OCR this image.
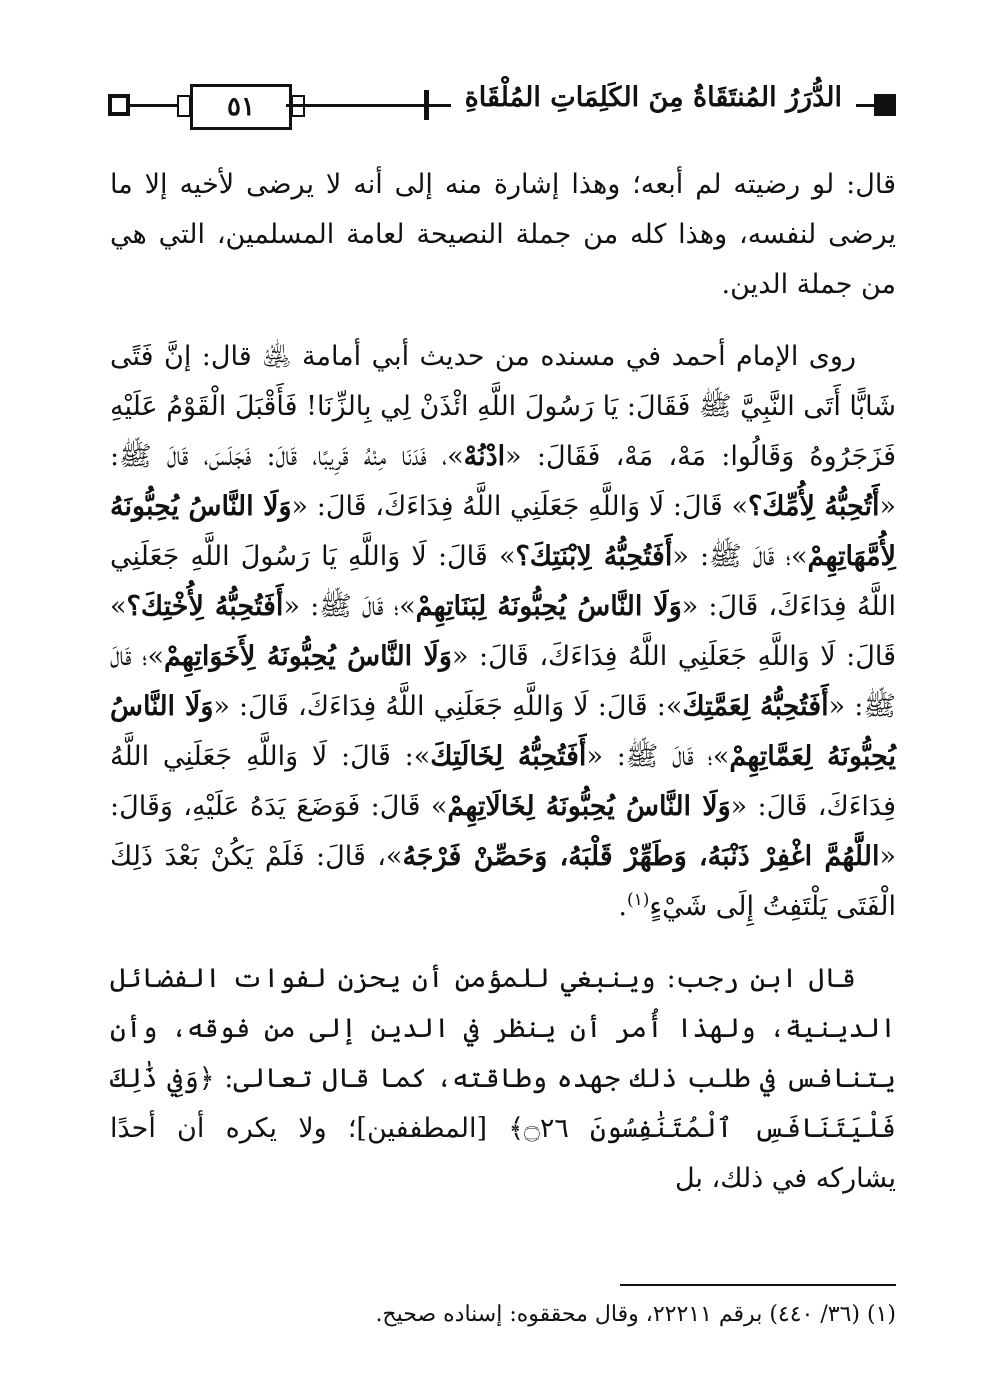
٥١	الدُّرَرُ المُنتَقَاةُ مِنَ الكَلِمَاتِ المُلْقَاةِ

قال: لو رضيته لم أبعه؛ وهذا إشارة منه إلى أنه لا يرضى لأخيه إلا ما يرضى لنفسه، وهذا كله من جملة النصيحة لعامة المسلمين، التي هي من جملة الدين.

روى الإمام أحمد في مسنده من حديث أبي أمامة ﵁ قال: إنَّ فَتًى شَابًّا أَتَى النَّبِيَّ ﷺ فَقَالَ: يَا رَسُولَ اللَّهِ ائْذَنْ لِي بِالزِّنَا! فَأَقْبَلَ الْقَوْمُ عَلَيْهِ فَزَجَرُوهُ وَقَالُوا: مَهْ، مَهْ، فَقَالَ: «ادْنُهْ»، فَدَنَا مِنْهُ قَرِيبًا، قَالَ: فَجَلَسَ، قَالَ ﷺ: «أَتُحِبُّهُ لِأُمِّكَ؟» قَالَ: لَا وَاللَّهِ جَعَلَنِي اللَّهُ فِدَاءَكَ، قَالَ: «وَلَا النَّاسُ يُحِبُّونَهُ لِأُمَّهَاتِهِمْ»؛ قَالَ ﷺ: «أَفَتُحِبُّهُ لِابْنَتِكَ؟» قَالَ: لَا وَاللَّهِ يَا رَسُولَ اللَّهِ جَعَلَنِي اللَّهُ فِدَاءَكَ، قَالَ: «وَلَا النَّاسُ يُحِبُّونَهُ لِبَنَاتِهِمْ»؛ قَالَ ﷺ: «أَفَتُحِبُّهُ لِأُخْتِكَ؟» قَالَ: لَا وَاللَّهِ جَعَلَنِي اللَّهُ فِدَاءَكَ، قَالَ: «وَلَا النَّاسُ يُحِبُّونَهُ لِأَخَوَاتِهِمْ»؛ قَالَ ﷺ: «أَفَتُحِبُّهُ لِعَمَّتِكَ»: قَالَ: لَا وَاللَّهِ جَعَلَنِي اللَّهُ فِدَاءَكَ، قَالَ: «وَلَا النَّاسُ يُحِبُّونَهُ لِعَمَّاتِهِمْ»؛ قَالَ ﷺ: «أَفَتُحِبُّهُ لِخَالَتِكَ»: قَالَ: لَا وَاللَّهِ جَعَلَنِي اللَّهُ فِدَاءَكَ، قَالَ: «وَلَا النَّاسُ يُحِبُّونَهُ لِخَالَاتِهِمْ» قَالَ: فَوَضَعَ يَدَهُ عَلَيْهِ، وَقَالَ: «اللَّهُمَّ اغْفِرْ ذَنْبَهُ، وَطَهِّرْ قَلْبَهُ، وَحَصِّنْ فَرْجَهُ»، قَالَ: فَلَمْ يَكُنْ بَعْدَ ذَلِكَ الْفَتَى يَلْتَفِتُ إِلَى شَيْءٍ$^{(١)}$.

قال ابن رجب: وينبغي للمؤمن أن يحزن لفوات الفضائل الدينية، ولهذا أُمر أن ينظر في الدين إلى من فوقه، وأن يتنافس في طلب ذلك جهده وطاقته، كما قال تعالى: ﴿وَفِي ذَٰلِكَ فَلْيَتَنَافَسِ ٱلْمُتَنَٰفِسُونَ ۝٢٦﴾ [المطففين]؛ ولا يكره أن أحدًا يشاركه في ذلك، بل

(١) (٣٦/ ٤٤٠) برقم ٢٢٢١١، وقال محققوه: إسناده صحيح.
